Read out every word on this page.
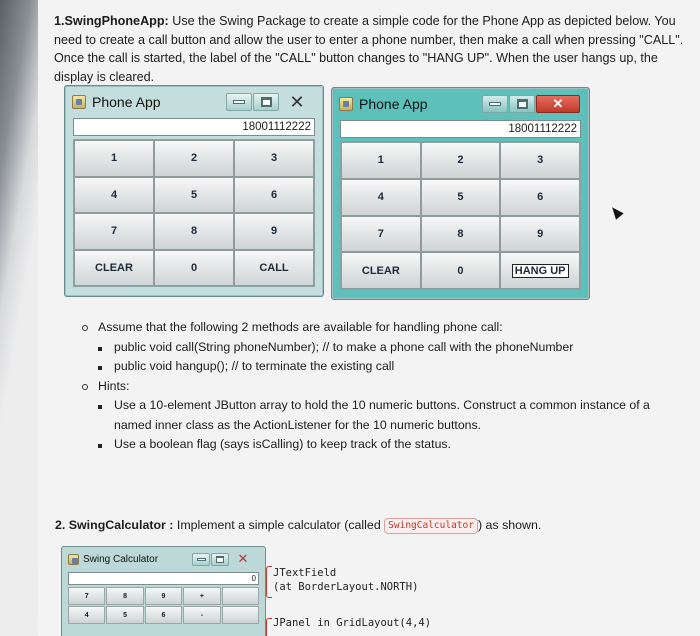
1.SwingPhoneApp: Use the Swing Package to create a simple code for the Phone App as depicted below. You need to create a call button and allow the user to enter a phone number, then make a call when pressing "CALL". Once the call is started, the label of the "CALL" button changes to "HANG UP". When the user hangs up, the display is cleared.
Phone App	✕
18001112222
1	2	3
4	5	6
7	8	9
CLEAR	0	CALL
Phone App	✕
18001112222
1	2	3
4	5	6
7	8	9
CLEAR	0	HANG UP
Assume that the following 2 methods are available for handling phone call:
public void call(String phoneNumber); // to make a phone call with the phoneNumber
public void hangup(); // to terminate the existing call
Hints:
Use a 10-element JButton array to hold the 10 numeric buttons. Construct a common instance of a named inner class as the ActionListener for the 10 numeric buttons.
Use a boolean flag (says isCalling) to keep track of the status.
2. SwingCalculator : Implement a simple calculator (called SwingCalculator ) as shown.
Swing Calculator	✕
0
7	8	9	+
4	5	6	-
JTextField
(at BorderLayout.NORTH)
JPanel in GridLayout(4,4)
